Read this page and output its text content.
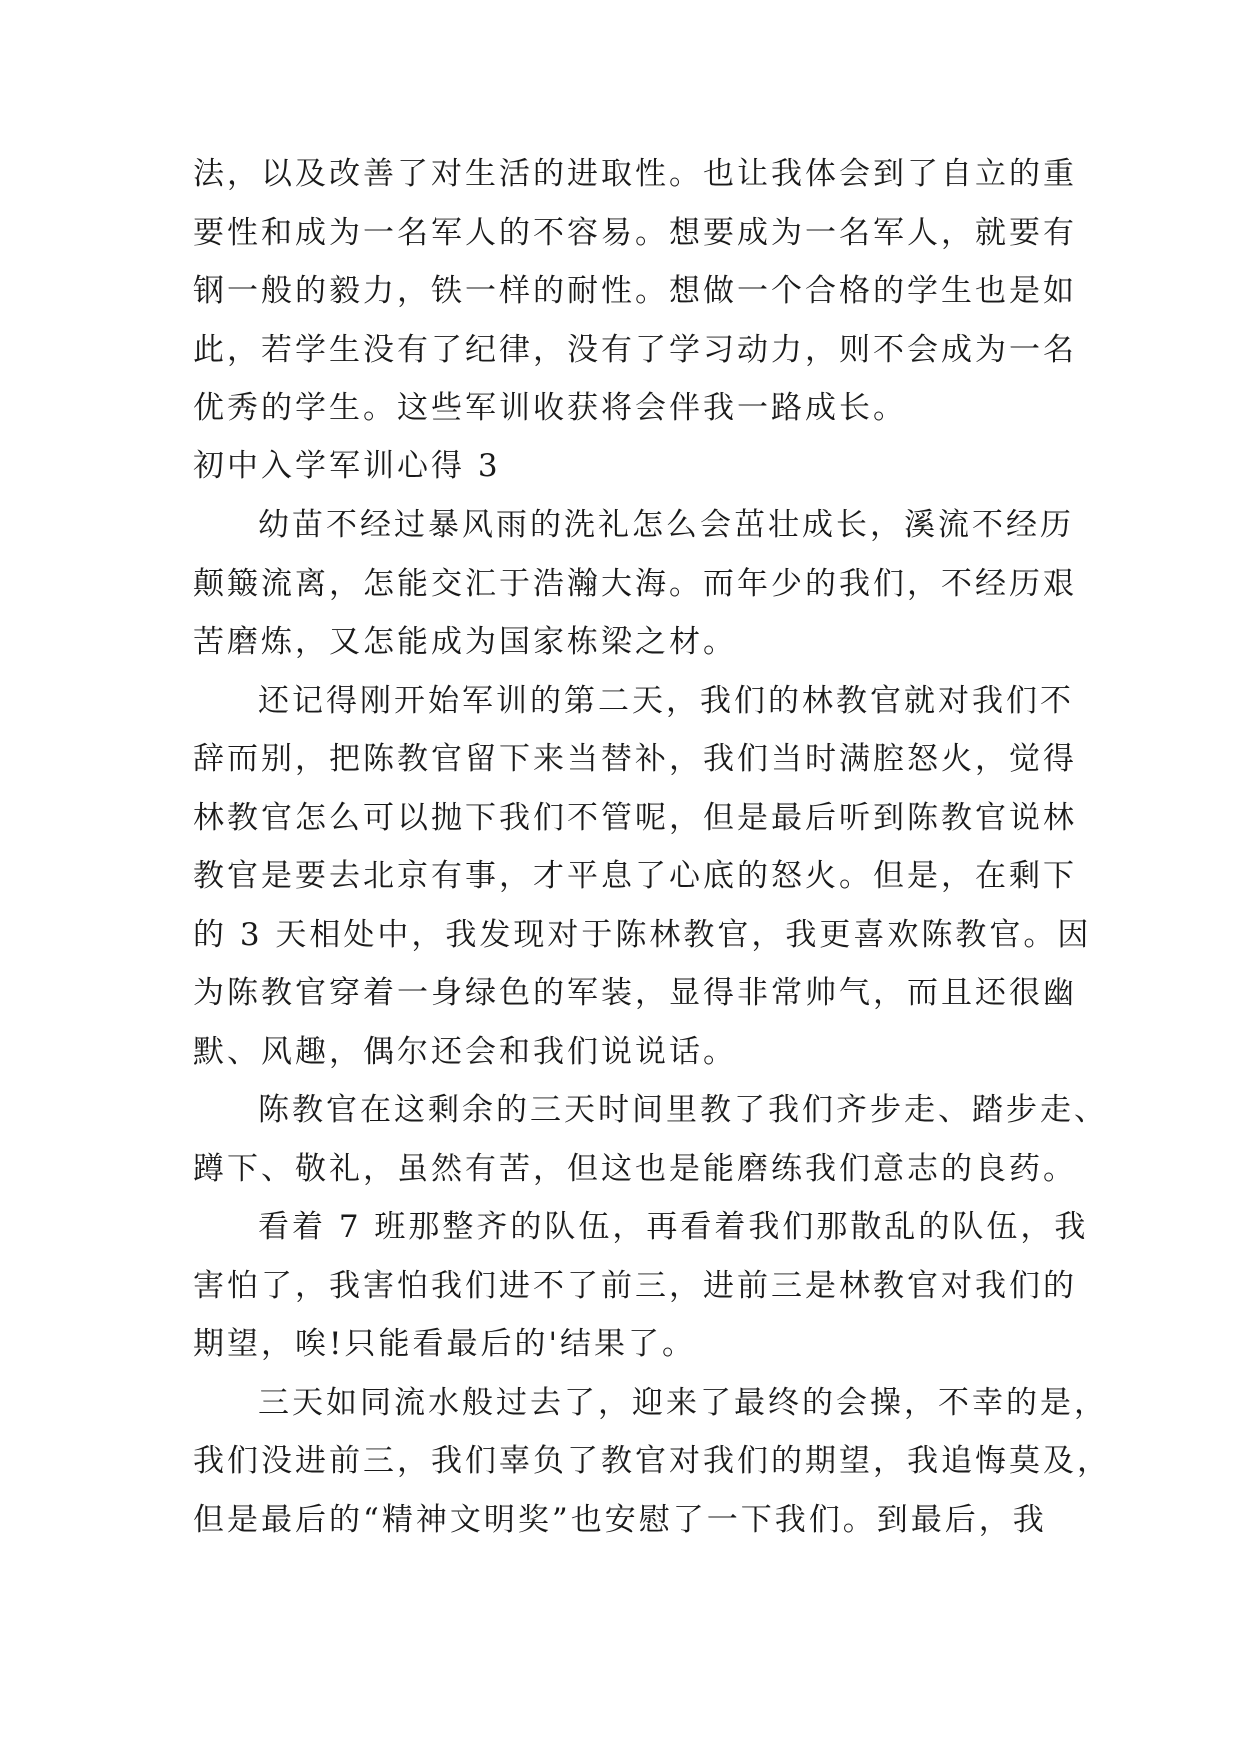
法，以及改善了对生活的进取性。也让我体会到了自立的重
要性和成为一名军人的不容易。想要成为一名军人，就要有
钢一般的毅力，铁一样的耐性。想做一个合格的学生也是如
此，若学生没有了纪律，没有了学习动力，则不会成为一名
优秀的学生。这些军训收获将会伴我一路成长。
初中入学军训心得 3
幼苗不经过暴风雨的洗礼怎么会茁壮成长，溪流不经历
颠簸流离，怎能交汇于浩瀚大海。而年少的我们，不经历艰
苦磨炼，又怎能成为国家栋梁之材。
还记得刚开始军训的第二天，我们的林教官就对我们不
辞而别，把陈教官留下来当替补，我们当时满腔怒火，觉得
林教官怎么可以抛下我们不管呢，但是最后听到陈教官说林
教官是要去北京有事，才平息了心底的怒火。但是，在剩下
的 3 天相处中，我发现对于陈林教官，我更喜欢陈教官。因
为陈教官穿着一身绿色的军装，显得非常帅气，而且还很幽
默、风趣，偶尔还会和我们说说话。
陈教官在这剩余的三天时间里教了我们齐步走、踏步走、
蹲下、敬礼，虽然有苦，但这也是能磨练我们意志的良药。
看着 7 班那整齐的队伍，再看着我们那散乱的队伍，我
害怕了，我害怕我们进不了前三，进前三是林教官对我们的
期望，唉!只能看最后的'结果了。
三天如同流水般过去了，迎来了最终的会操，不幸的是，
我们没进前三，我们辜负了教官对我们的期望，我追悔莫及，
但是最后的“精神文明奖”也安慰了一下我们。到最后，我
